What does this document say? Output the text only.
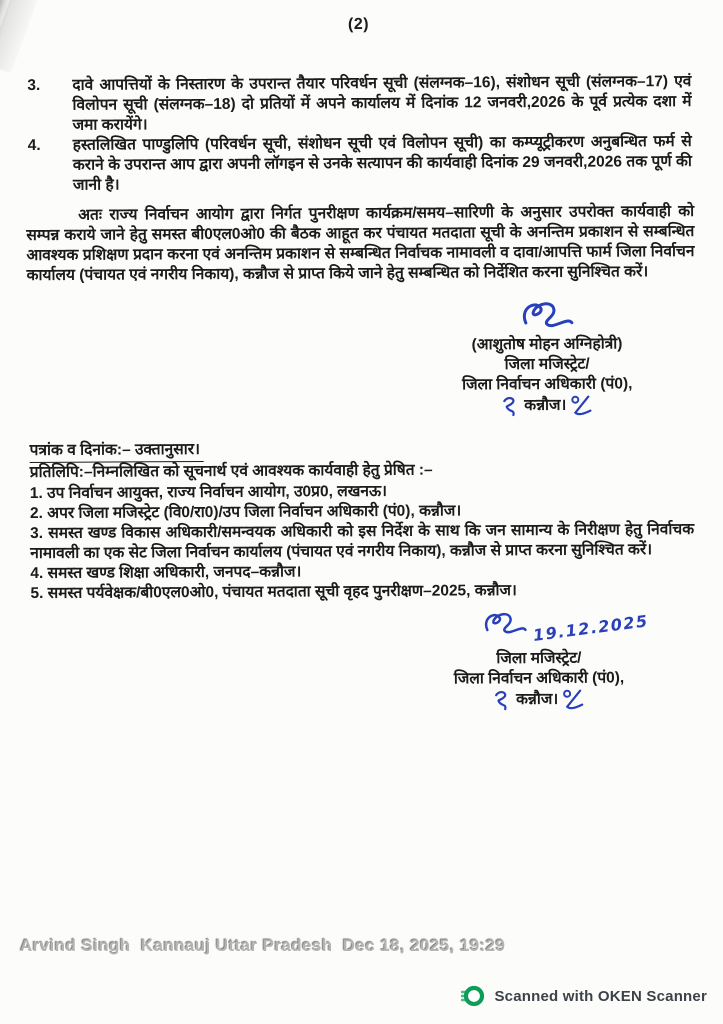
(2)
3.	दावे आपत्तियों के निस्तारण के उपरान्त तैयार परिवर्धन सूची (संलग्नक–16), संशोधन सूची (संलग्नक–17) एवं विलोपन सूची (संलग्नक–18) दो प्रतियों में अपने कार्यालय में दिनांक 12 जनवरी,2026 के पूर्व प्रत्येक दशा में जमा करायेंगे।
4.	हस्तलिखित पाण्डुलिपि (परिवर्धन सूची, संशोधन सूची एवं विलोपन सूची) का कम्प्यूट्रीकरण अनुबन्धित फर्म से कराने के उपरान्त आप द्वारा अपनी लॉगइन से उनके सत्यापन की कार्यवाही दिनांक 29 जनवरी,2026 तक पूर्ण की जानी है।
अतः राज्य निर्वाचन आयोग द्वारा निर्गत पुनरीक्षण कार्यक्रम/समय–सारिणी के अनुसार उपरोक्त कार्यवाही को सम्पन्न कराये जाने हेतु समस्त बी0एल0ओ0 की बैठक आहूत कर पंचायत मतदाता सूची के अनन्तिम प्रकाशन से सम्बन्धित आवश्यक प्रशिक्षण प्रदान करना एवं अनन्तिम प्रकाशन से सम्बन्धित निर्वाचक नामावली व दावा/आपत्ति फार्म जिला निर्वाचन कार्यालय (पंचायत एवं नगरीय निकाय), कन्नौज से प्राप्त किये जाने हेतु सम्बन्धित को निर्देशित करना सुनिश्चित करें।
(आशुतोष मोहन अग्निहोत्री)
जिला मजिस्ट्रेट/
जिला निर्वाचन अधिकारी (पं0),
कन्नौज।
पत्रांक व दिनांक:– उक्तानुसार।
प्रतिलिपि:–निम्नलिखित को सूचनार्थ एवं आवश्यक कार्यवाही हेतु प्रेषित :–
1. उप निर्वाचन आयुक्त, राज्य निर्वाचन आयोग, उ0प्र0, लखनऊ।
2. अपर जिला मजिस्ट्रेट (वि0/रा0)/उप जिला निर्वाचन अधिकारी (पं0), कन्नौज।
3. समस्त खण्ड विकास अधिकारी/समन्वयक अधिकारी को इस निर्देश के साथ कि जन सामान्य के निरीक्षण हेतु निर्वाचक नामावली का एक सेट जिला निर्वाचन कार्यालय (पंचायत एवं नगरीय निकाय), कन्नौज से प्राप्त करना सुनिश्चित करें।
4. समस्त खण्ड शिक्षा अधिकारी, जनपद–कन्नौज।
5. समस्त पर्यवेक्षक/बी0एल0ओ0, पंचायत मतदाता सूची वृहद पुनरीक्षण–2025, कन्नौज।
19.12.2025
जिला मजिस्ट्रेट/
जिला निर्वाचन अधिकारी (पं0),
कन्नौज।
Arvind Singh  Kannauj Uttar Pradesh  Dec 18, 2025, 19:29
Scanned with OKEN Scanner
